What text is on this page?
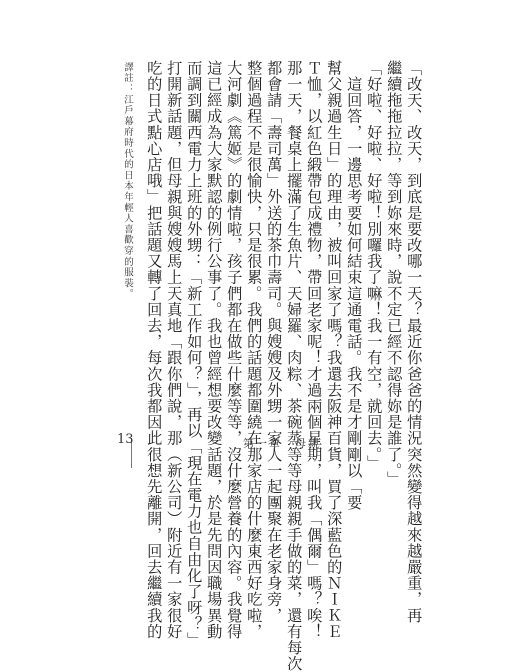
「改天、改天，到底是要改哪一天？最近你爸爸的情況突然變得越來越嚴重，再
繼續拖拖拉拉，等到妳來時，說不定已經不認得妳是誰了。」
「好啦、好啦、好啦！別囉我了嘛！我一有空，就回去。」
　這回答，一邊思考要如何結束這通電話。我不是才剛剛以「要
幫父親過生日」的理由，被叫回家了嗎？我還去阪神百貨，買了深藍色的ＮＩＫＥ
Ｔ恤，以紅色緞帶包成禮物，帶回老家呢！才過兩個星期，叫我「偶爾」嗎？唉！
那一天，餐桌上擺滿了生魚片、天婦羅、肉粽、茶碗蒸等等母親親手做的菜，還有每次
都會請「壽司萬」外送的茶巾壽司。與嫂嫂及外甥一家人一起團聚在老家身旁，
整個過程不是很愉快，只是很累。我們的話題都圍繞在那家店的什麼東西好吃啦，
大河劇《篤姬》的劇情啦，孩子們都在做些什麼等等，沒什麼營養的內容。我覺得
這已經成為大家默認的例行公事了。我也曾經想要改變話題，於是先問因職場異動
而調到關西電力上班的外甥：「新工作如何？」，再以「現在電力也自由化了呀？」
打開新話題，但母親與嫂嫂馬上天真地「跟你們說，那（新公司）附近有一家很好
吃的日式點心店哦」把話題又轉了回去，每次我都因此很想先離開，回去繼續我的
譯註：江戶幕府時代的日本年輕人喜歡穿的服裝。
13	第一章　母親
